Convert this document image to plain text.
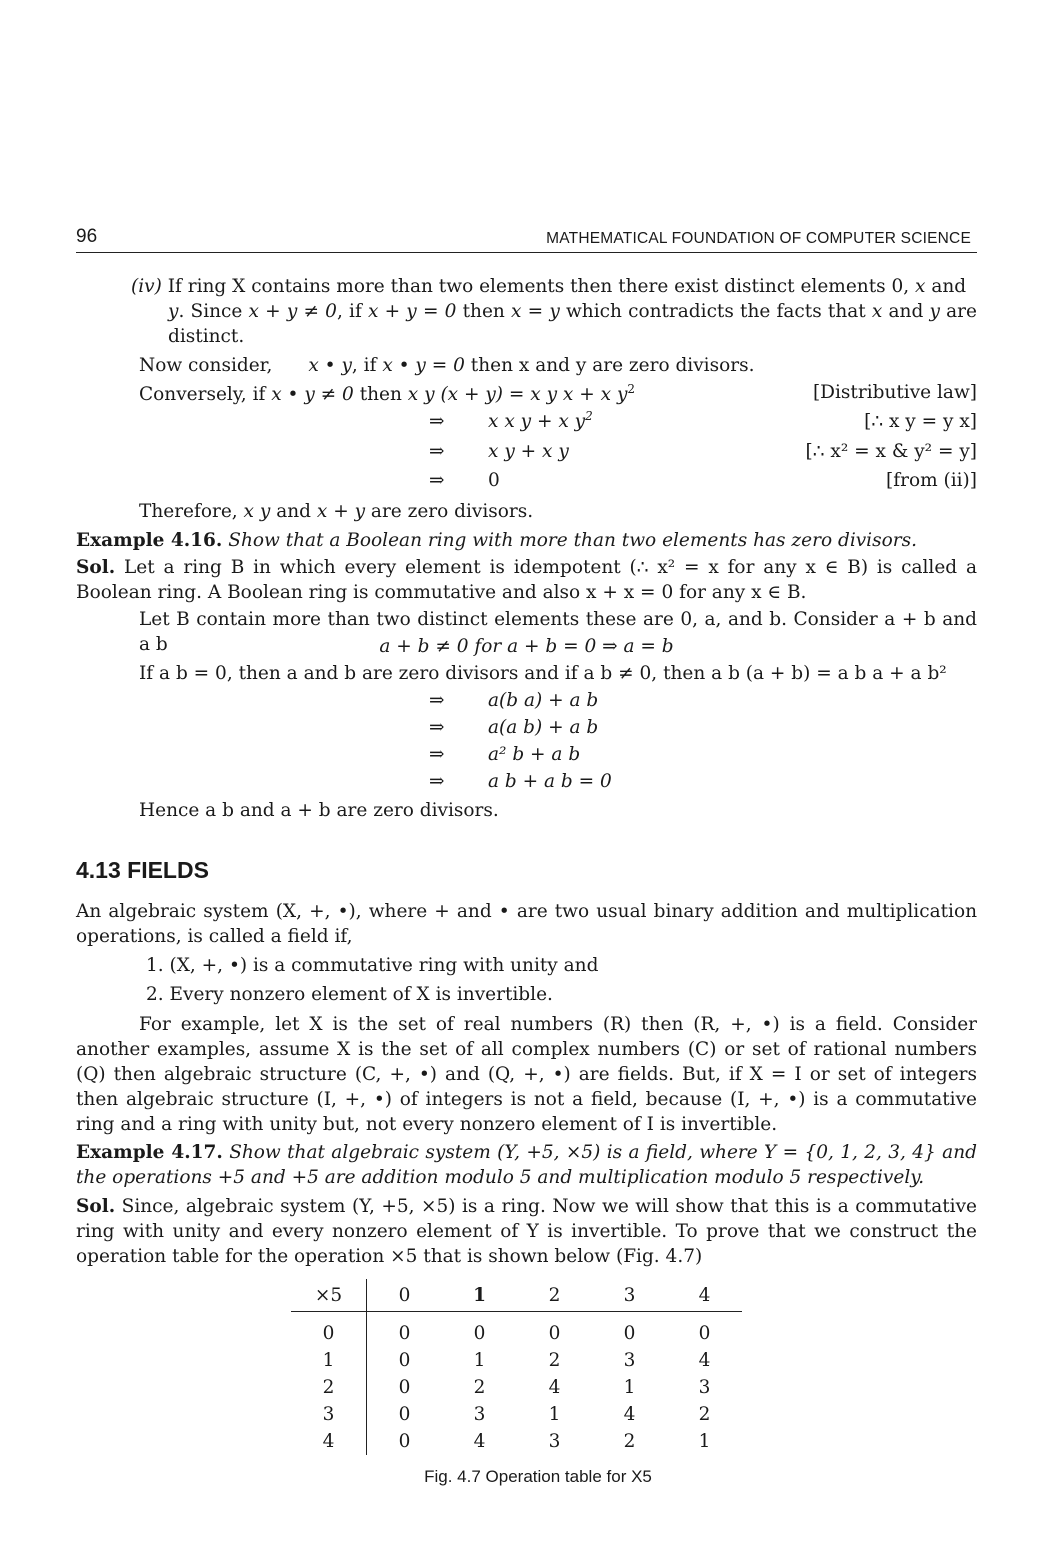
96	MATHEMATICAL FOUNDATION OF COMPUTER SCIENCE
(iv) If ring X contains more than two elements then there exist distinct elements 0, x and
y. Since x + y ≠ 0, if x + y = 0 then x = y which contradicts the facts that x and y are distinct.
Now consider, x • y, if x • y = 0 then x and y are zero divisors.
Conversely, if x • y ≠ 0 then x y (x + y) = x y x + x $y^2$	[Distributive law]
⇒ x x y + x $y^2$	[∴ x y = y x]
⇒ x y + x y	[∴ x² = x & y² = y]
⇒ 0	[from (ii)]
Therefore, x y and x + y are zero divisors.
Example 4.16. Show that a Boolean ring with more than two elements has zero divisors.
Sol. Let a ring B in which every element is idempotent (∴ x² = x for any x ∈ B) is called a Boolean ring. A Boolean ring is commutative and also x + x = 0 for any x ∈ B.
Let B contain more than two distinct elements these are 0, a, and b. Consider a + b and a b	a + b ≠ 0 for a + b = 0 ⇒ a = b
If a b = 0, then a and b are zero divisors and if a b ≠ 0, then a b (a + b) = a b a + a b²
⇒ a(b a) + a b
⇒ a(a b) + a b
⇒ a² b + a b
⇒ a b + a b = 0
Hence a b and a + b are zero divisors.
4.13 FIELDS
An algebraic system (X, +, •), where + and • are two usual binary addition and multiplication operations, is called a field if,
1. (X, +, •) is a commutative ring with unity and
2. Every nonzero element of X is invertible.
For example, let X is the set of real numbers (R) then (R, +, •) is a field. Consider another examples, assume X is the set of all complex numbers (C) or set of rational numbers (Q) then algebraic structure (C, +, •) and (Q, +, •) are fields. But, if X = I or set of integers then algebraic structure (I, +, •) of integers is not a field, because (I, +, •) is a commutative ring and a ring with unity but, not every nonzero element of I is invertible.
Example 4.17. Show that algebraic system (Y, +5, ×5) is a field, where Y = {0, 1, 2, 3, 4} and the operations +5 and +5 are addition modulo 5 and multiplication modulo 5 respectively.
Sol. Since, algebraic system (Y, +5, ×5) is a ring. Now we will show that this is a commutative ring with unity and every nonzero element of Y is invertible. To prove that we construct the operation table for the operation ×5 that is shown below (Fig. 4.7)
×5	0	1	2	3	4
0	0	0	0	0	0
1	0	1	2	3	4
2	0	2	4	1	3
3	0	3	1	4	2
4	0	4	3	2	1
Fig. 4.7 Operation table for X5
